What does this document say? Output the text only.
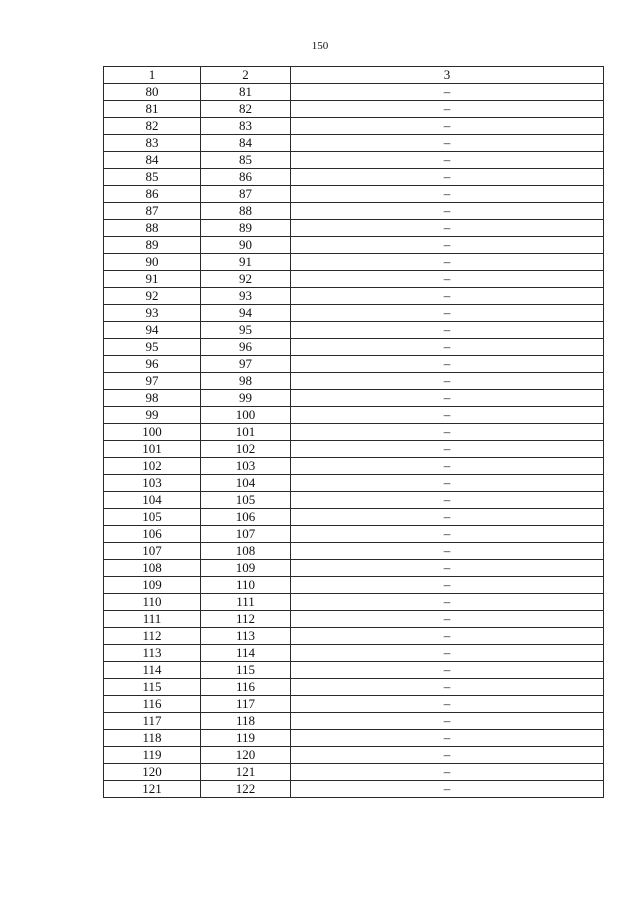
150
1	2	3
80	81	–
81	82	–
82	83	–
83	84	–
84	85	–
85	86	–
86	87	–
87	88	–
88	89	–
89	90	–
90	91	–
91	92	–
92	93	–
93	94	–
94	95	–
95	96	–
96	97	–
97	98	–
98	99	–
99	100	–
100	101	–
101	102	–
102	103	–
103	104	–
104	105	–
105	106	–
106	107	–
107	108	–
108	109	–
109	110	–
110	111	–
111	112	–
112	113	–
113	114	–
114	115	–
115	116	–
116	117	–
117	118	–
118	119	–
119	120	–
120	121	–
121	122	–
